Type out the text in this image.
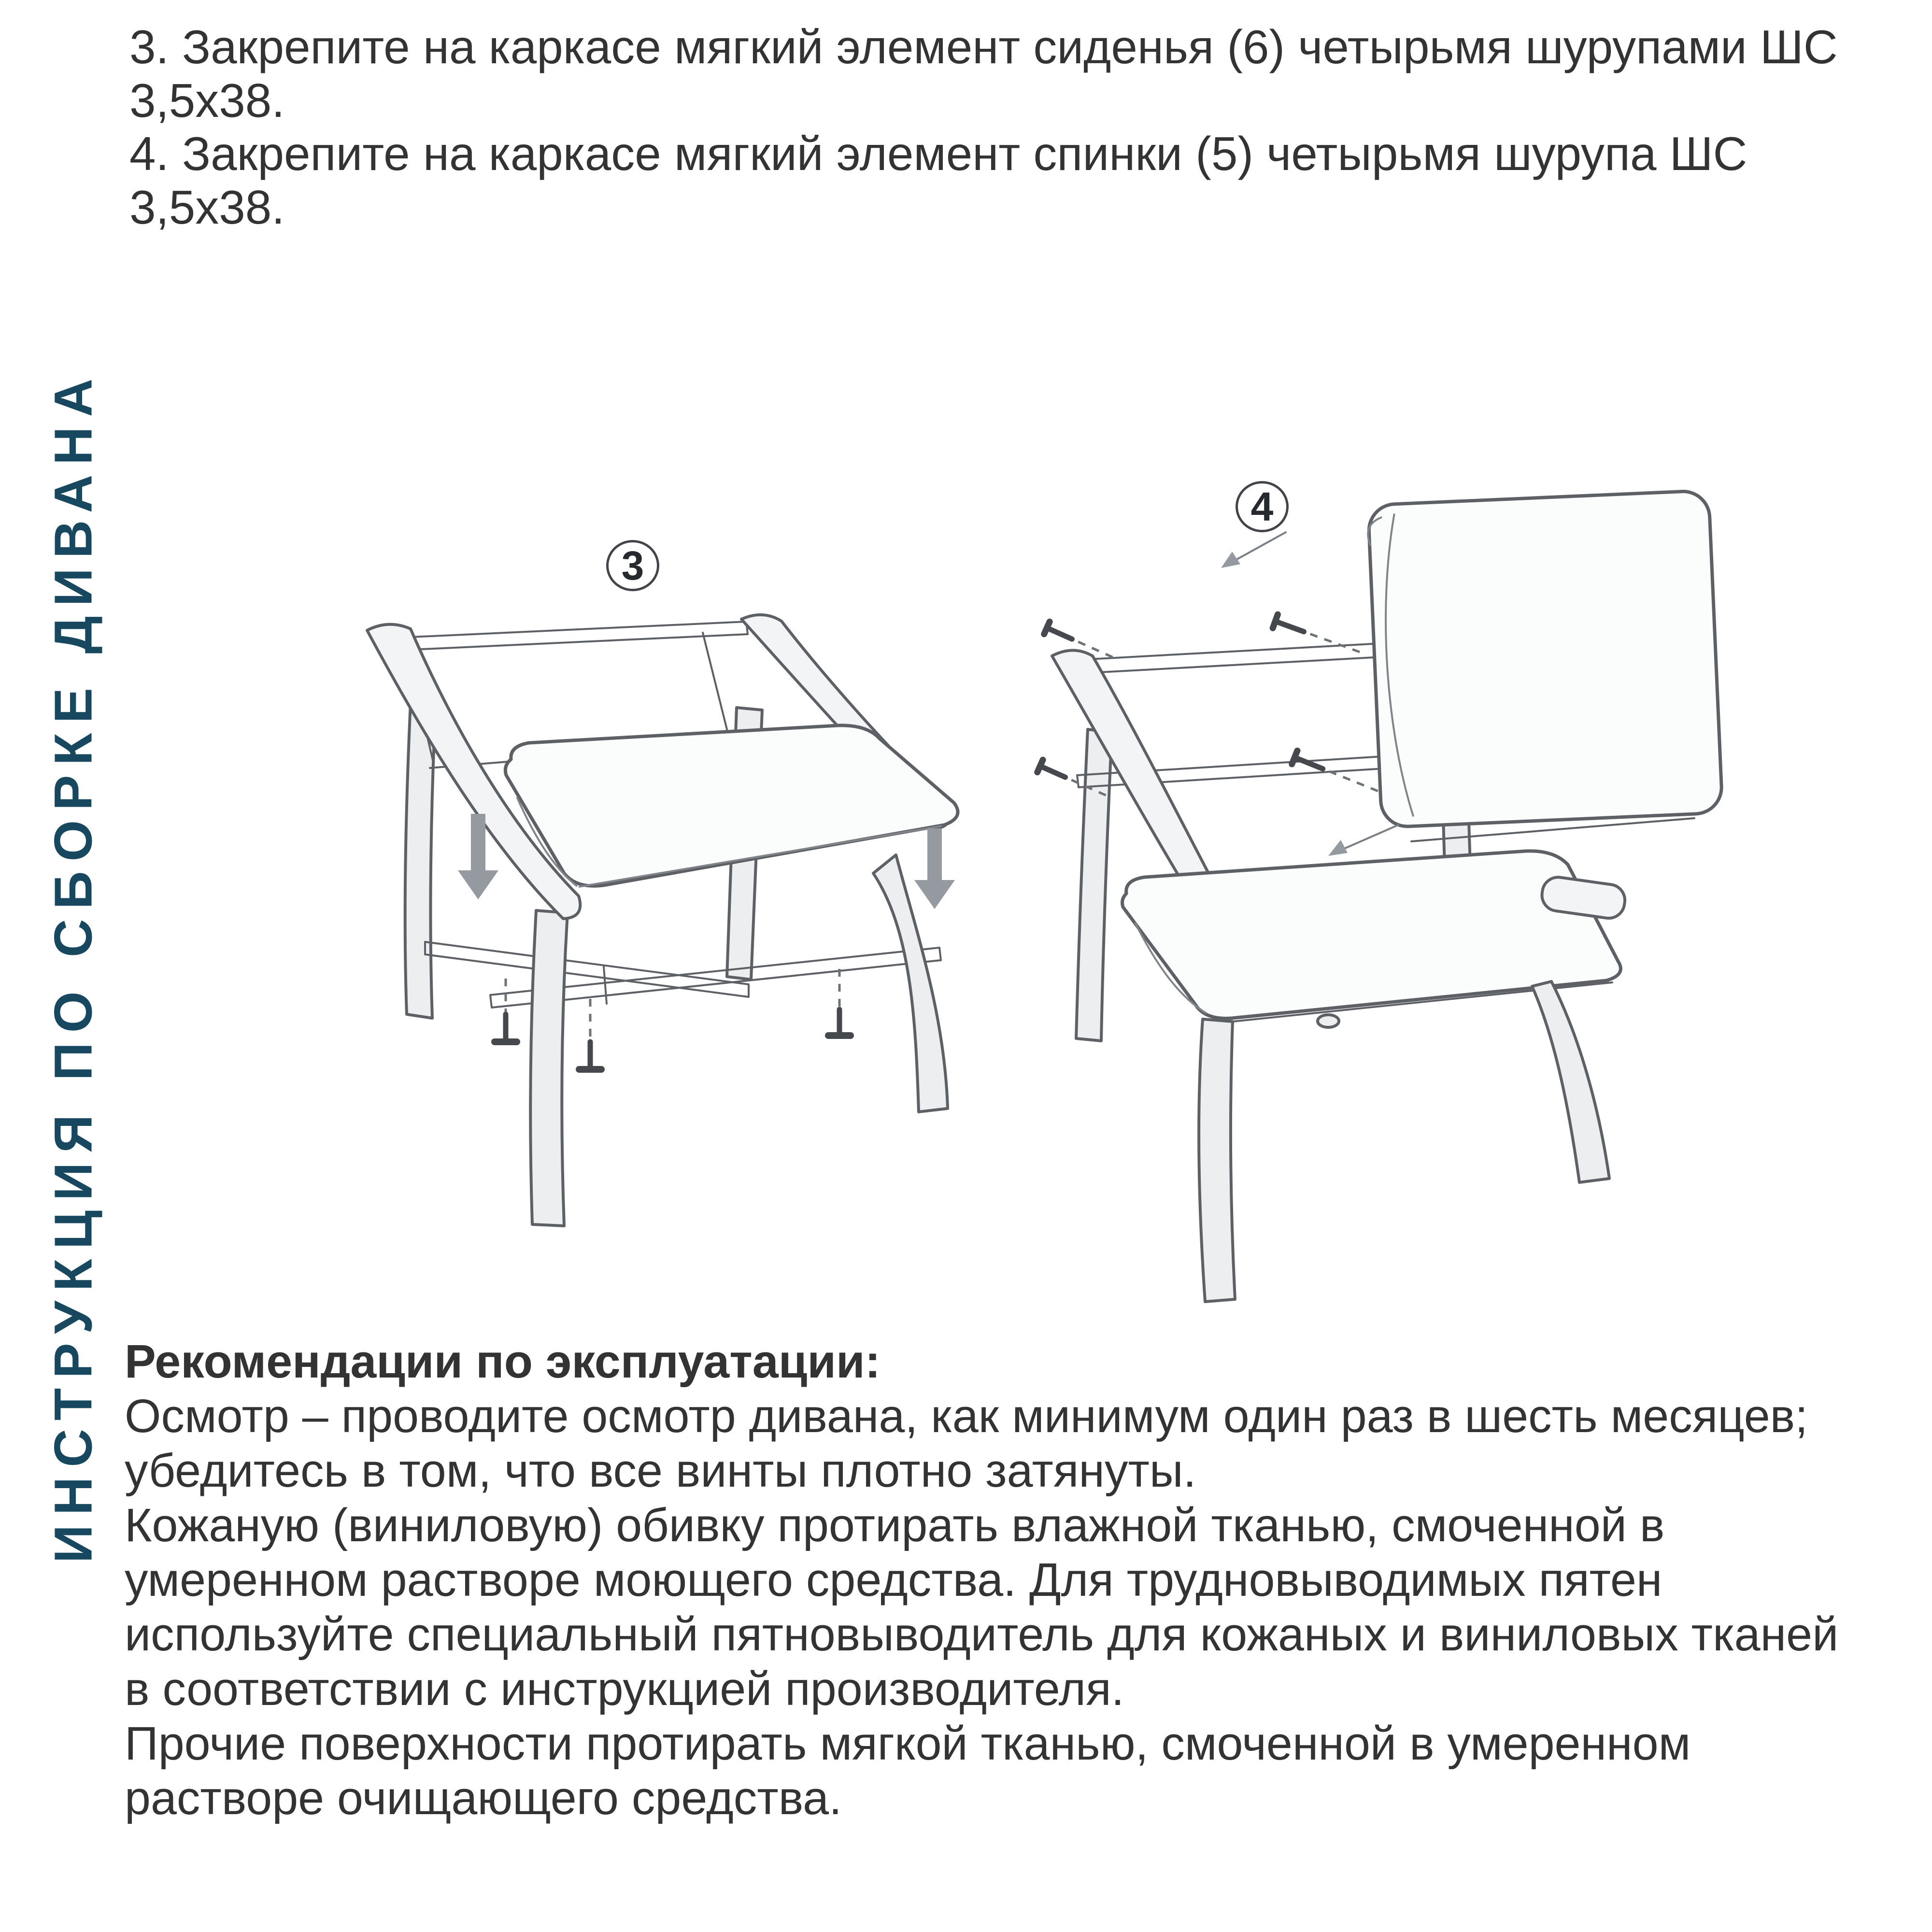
ИНСТРУКЦИЯ ПО СБОРКЕ ДИВАНА

3. Закрепите на каркасе мягкий элемент сиденья (6) четырьмя шурупами ШС 3,5х38.

4. Закрепите на каркасе мягкий элемент спинки (5) четырьмя шурупа ШС 3,5х38.

3
4

Рекомендации по эксплуатации:

Осмотр – проводите осмотр дивана, как минимум один раз в шесть месяцев; убедитесь в том, что все винты плотно затянуты.

Кожаную (виниловую) обивку протирать влажной тканью, смоченной в умеренном растворе моющего средства. Для трудновыводимых пятен используйте специальный пятновыводитель для кожаных и виниловых тканей в соответствии с инструкцией производителя.

Прочие поверхности протирать мягкой тканью, смоченной в умеренном растворе очищающего средства.
